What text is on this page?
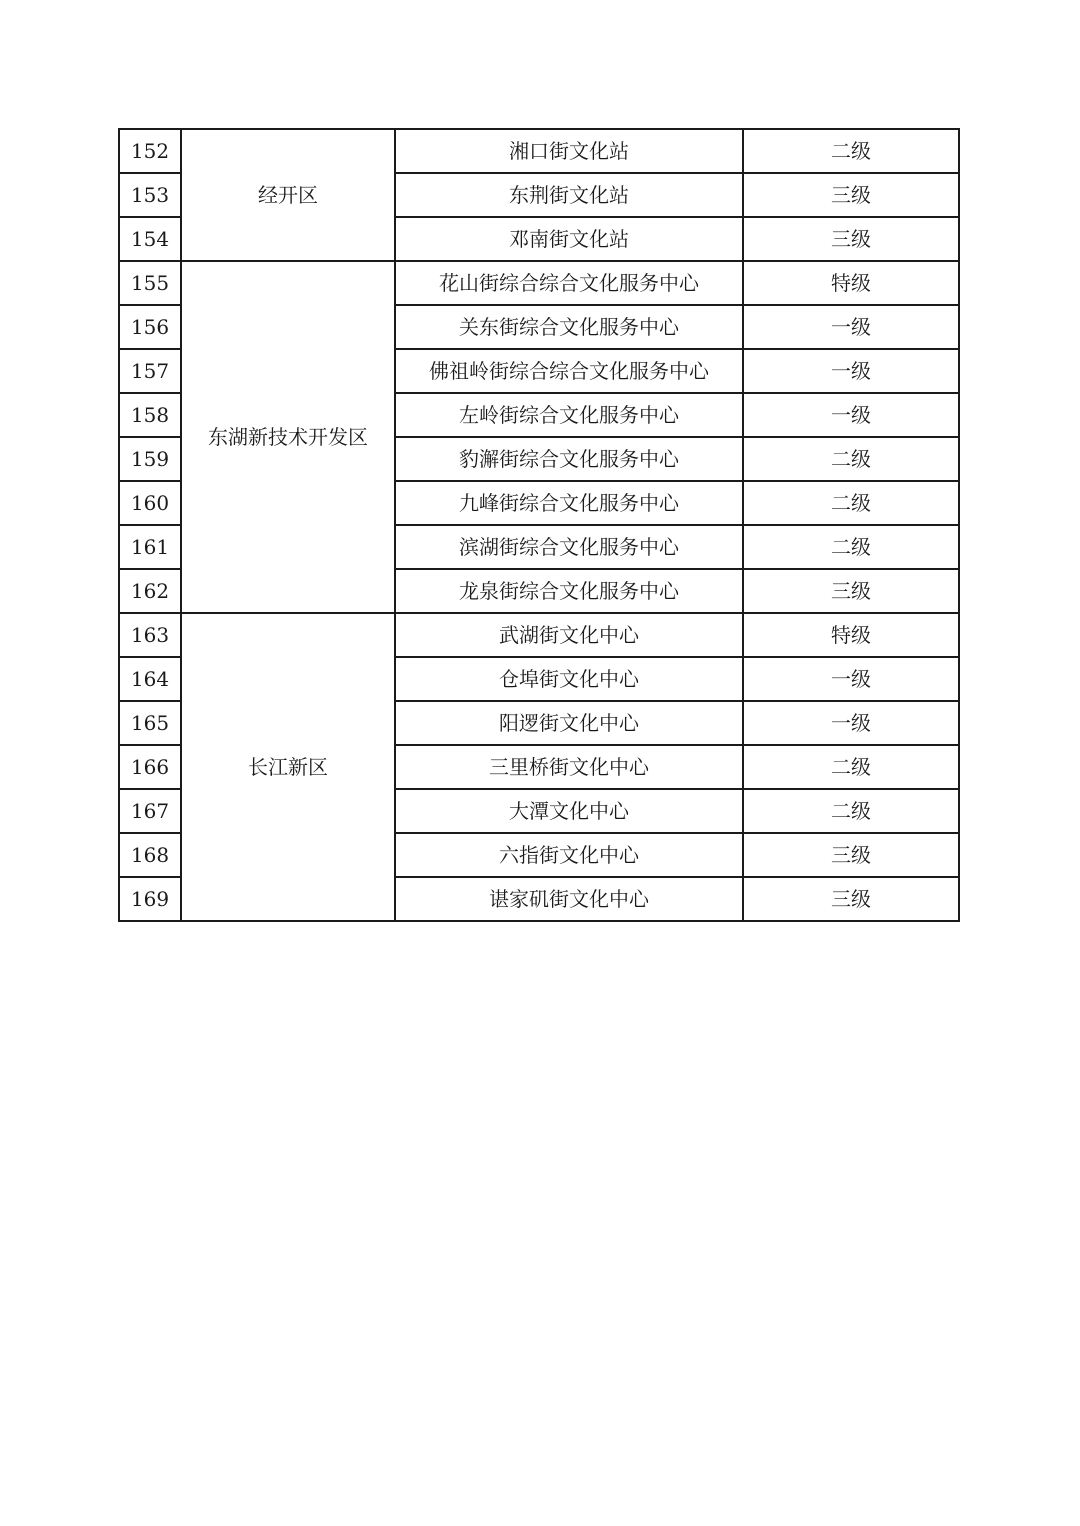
152	经开区	湘口街文化站	二级
153		东荆街文化站	三级
154		邓南街文化站	三级
155	东湖新技术开发区	花山街综合综合文化服务中心	特级
156		关东街综合文化服务中心	一级
157		佛祖岭街综合综合文化服务中心	一级
158		左岭街综合文化服务中心	一级
159		豹澥街综合文化服务中心	二级
160		九峰街综合文化服务中心	二级
161		滨湖街综合文化服务中心	二级
162		龙泉街综合文化服务中心	三级
163	长江新区	武湖街文化中心	特级
164		仓埠街文化中心	一级
165		阳逻街文化中心	一级
166		三里桥街文化中心	二级
167		大潭文化中心	二级
168		六指街文化中心	三级
169		谌家矶街文化中心	三级
